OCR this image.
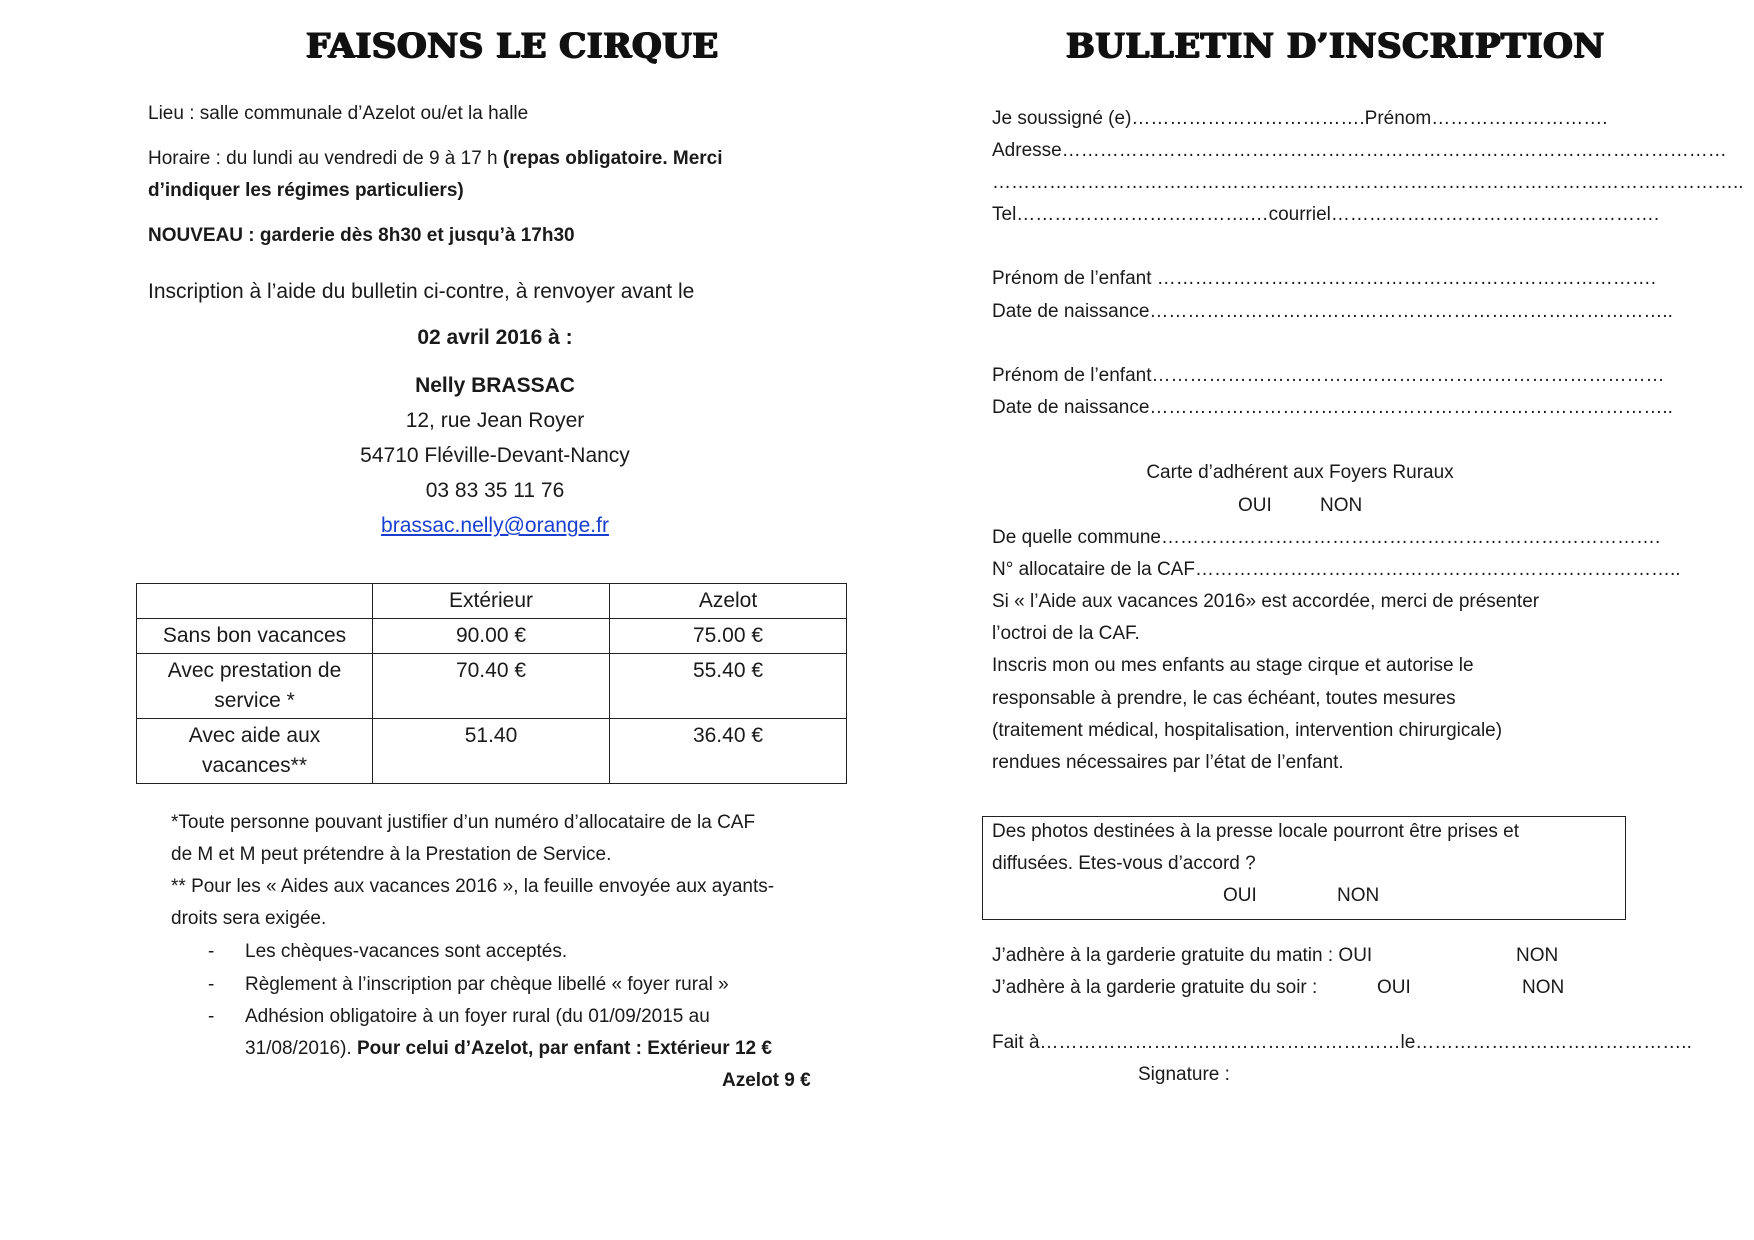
FAISONS LE CIRQUE
Lieu : salle communale d’Azelot ou/et la halle
Horaire : du lundi au vendredi de 9 à 17 h (repas obligatoire. Merci
d’indiquer les régimes particuliers)
NOUVEAU : garderie dès 8h30 et jusqu’à 17h30
Inscription à l’aide du bulletin ci-contre, à renvoyer avant le
02 avril 2016 à :
Nelly BRASSAC
12, rue Jean Royer
54710 Fléville-Devant-Nancy
03 83 35 11 76
brassac.nelly@orange.fr
	Extérieur	Azelot
Sans bon vacances	90.00 €	75.00 €
Avec prestation de
service *	70.40 €	55.40 €
Avec aide aux
vacances**	51.40	36.40 €
*Toute personne pouvant justifier d’un numéro d’allocataire de la CAF
de M et M peut prétendre à la Prestation de Service.
** Pour les « Aides aux vacances 2016 », la feuille envoyée aux ayants-
droits sera exigée.
- Les chèques-vacances sont acceptés.
- Règlement à l’inscription par chèque libellé « foyer rural »
- Adhésion obligatoire à un foyer rural (du 01/09/2015 au
31/08/2016). Pour celui d’Azelot, par enfant : Extérieur 12 €
Azelot 9 €
BULLETIN D’INSCRIPTION
Je soussigné (e)……………………………….Prénom……………………….
Adresse……………………………………………………………………………………………
………………………………………………………………………………………………………..
Tel……………………………….…courriel…………………………………………….
Prénom de l’enfant …………………………………………………………………….
Date de naissance………………………………………………………………………..
Prénom de l’enfant………………………………………………………………………
Date de naissance………………………………………………………………………..
Carte d’adhérent aux Foyers Ruraux
OUI	NON
De quelle commune…………………………………………………………………….
N° allocataire de la CAF…………………………………………………………………..
Si « l’Aide aux vacances 2016» est accordée, merci de présenter
l’octroi de la CAF.
Inscris mon ou mes enfants au stage cirque et autorise le
responsable à prendre, le cas échéant, toutes mesures
(traitement médical, hospitalisation, intervention chirurgicale)
rendues nécessaires par l’état de l’enfant.
Des photos destinées à la presse locale pourront être prises et
diffusées. Etes-vous d’accord ?
OUI	NON
J’adhère à la garderie gratuite du matin : OUI	NON
J’adhère à la garderie gratuite du soir :	OUI	NON
Fait à…………………………………………………le……………………………………..
Signature :
